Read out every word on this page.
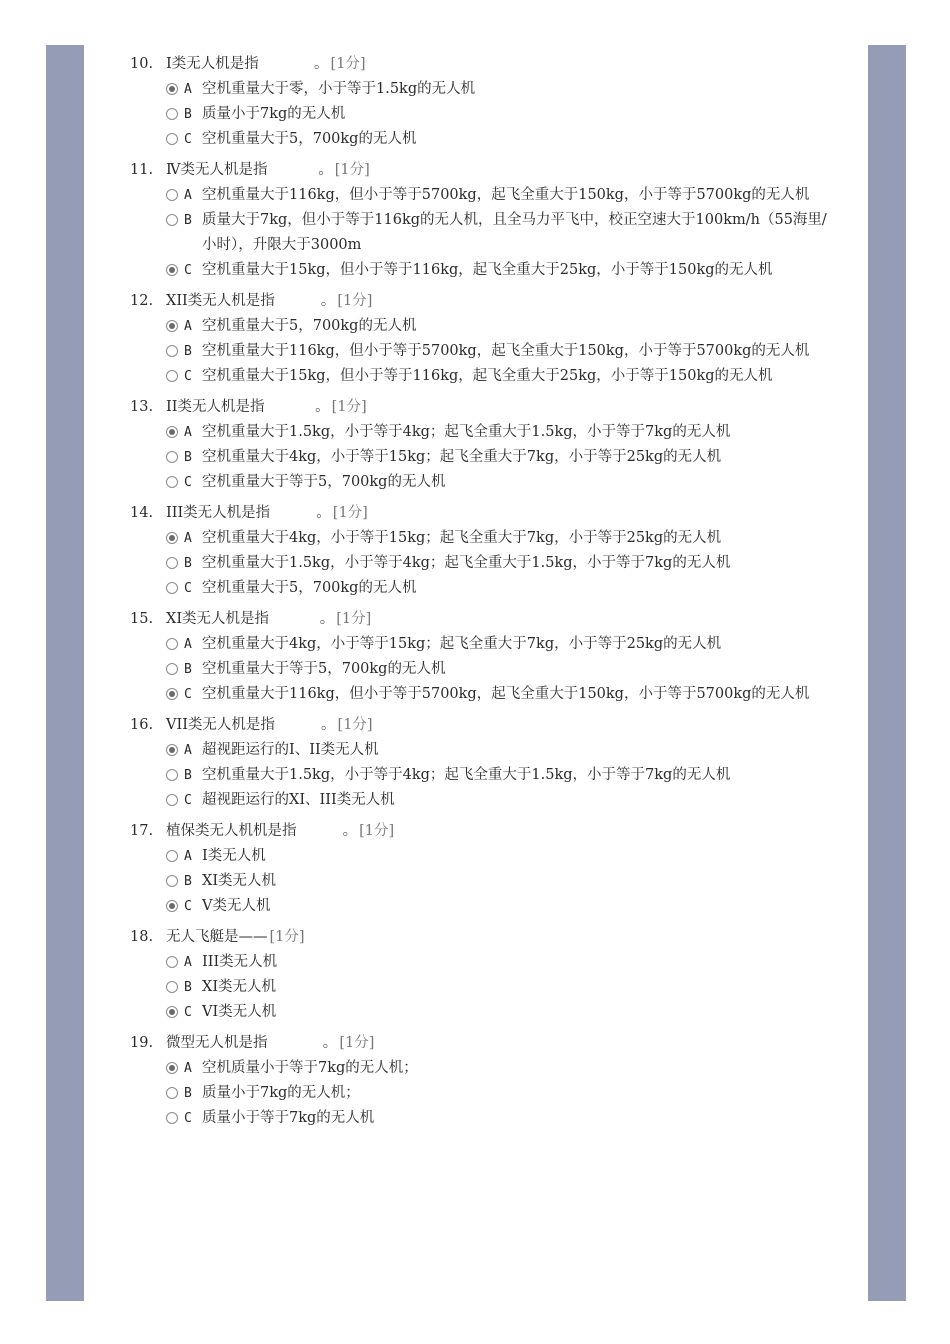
10. I类无人机是指 。 [1分]
A 空机重量大于零，小于等于1.5kg的无人机
B 质量小于7kg的无人机
C 空机重量大于5，700kg的无人机
11. Ⅳ类无人机是指 。 [1分]
A 空机重量大于116kg，但小于等于5700kg，起飞全重大于150kg，小于等于5700kg的无人机
B 质量大于7kg，但小于等于116kg的无人机，且全马力平飞中，校正空速大于100km/h（55海里/小时），升限大于3000m
C 空机重量大于15kg，但小于等于116kg，起飞全重大于25kg，小于等于150kg的无人机
12. XII类无人机是指 。 [1分]
A 空机重量大于5，700kg的无人机
B 空机重量大于116kg，但小于等于5700kg，起飞全重大于150kg，小于等于5700kg的无人机
C 空机重量大于15kg，但小于等于116kg，起飞全重大于25kg，小于等于150kg的无人机
13. II类无人机是指 。 [1分]
A 空机重量大于1.5kg，小于等于4kg；起飞全重大于1.5kg，小于等于7kg的无人机
B 空机重量大于4kg，小于等于15kg；起飞全重大于7kg，小于等于25kg的无人机
C 空机重量大于等于5，700kg的无人机
14. III类无人机是指 。 [1分]
A 空机重量大于4kg，小于等于15kg；起飞全重大于7kg，小于等于25kg的无人机
B 空机重量大于1.5kg，小于等于4kg；起飞全重大于1.5kg，小于等于7kg的无人机
C 空机重量大于5，700kg的无人机
15. XI类无人机是指 。 [1分]
A 空机重量大于4kg，小于等于15kg；起飞全重大于7kg，小于等于25kg的无人机
B 空机重量大于等于5，700kg的无人机
C 空机重量大于116kg，但小于等于5700kg，起飞全重大于150kg，小于等于5700kg的无人机
16. VII类无人机是指 。 [1分]
A 超视距运行的I、II类无人机
B 空机重量大于1.5kg，小于等于4kg；起飞全重大于1.5kg，小于等于7kg的无人机
C 超视距运行的XI、III类无人机
17. 植保类无人机机是指 。 [1分]
A I类无人机
B XI类无人机
C V类无人机
18. 无人飞艇是—— [1分]
A III类无人机
B XI类无人机
C VI类无人机
19. 微型无人机是指 。 [1分]
A 空机质量小于等于7kg的无人机；
B 质量小于7kg的无人机；
C 质量小于等于7kg的无人机
